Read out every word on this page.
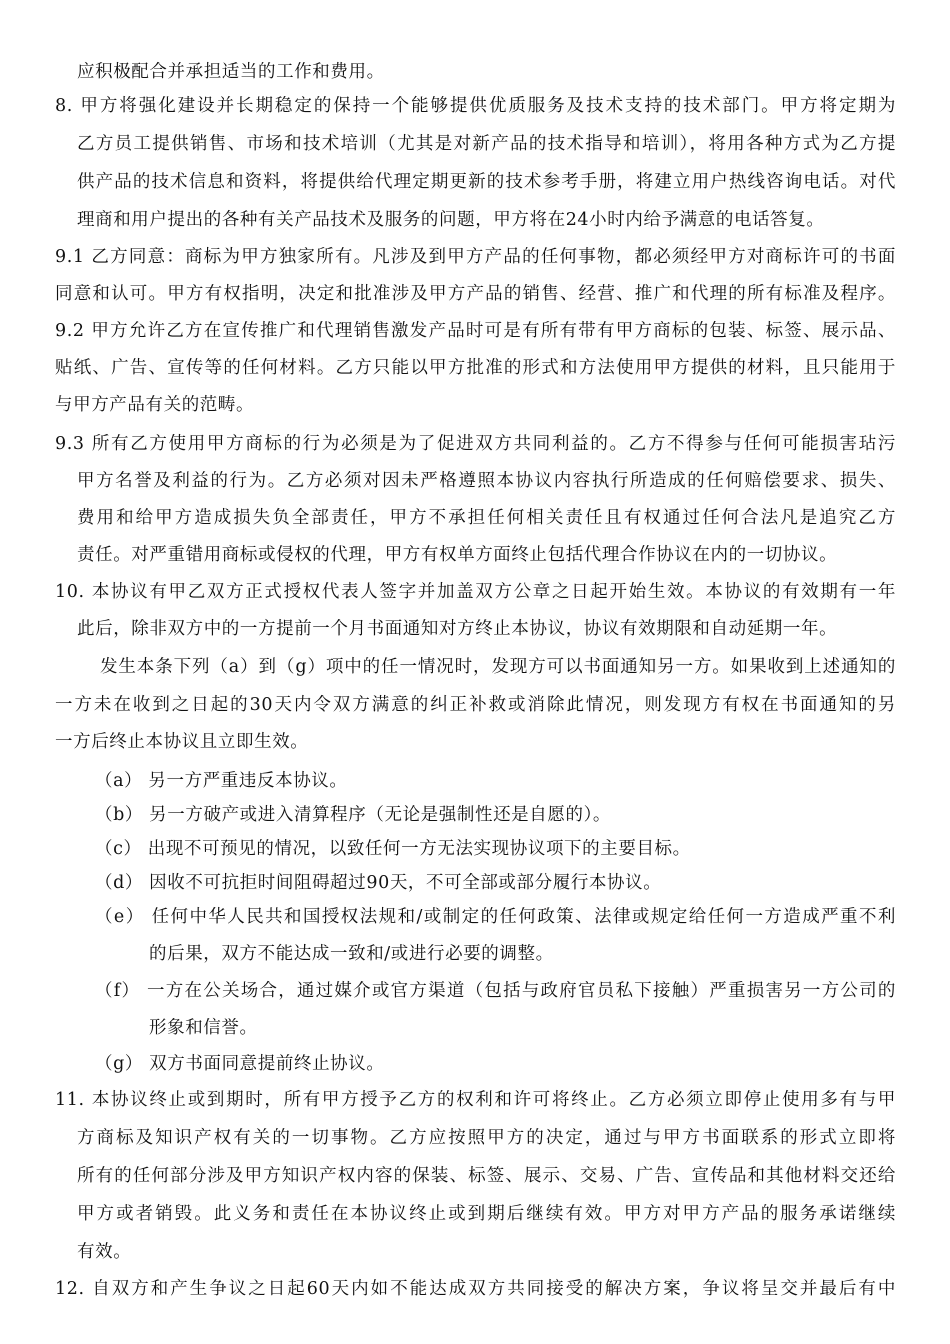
应积极配合并承担适当的工作和费用。
8. 甲方将强化建设并长期稳定的保持一个能够提供优质服务及技术支持的技术部门。甲方将定期为
乙方员工提供销售、市场和技术培训（尤其是对新产品的技术指导和培训），将用各种方式为乙方提
供产品的技术信息和资料，将提供给代理定期更新的技术参考手册，将建立用户热线咨询电话。对代
理商和用户提出的各种有关产品技术及服务的问题，甲方将在24小时内给予满意的电话答复。
9.1 乙方同意：商标为甲方独家所有。凡涉及到甲方产品的任何事物，都必须经甲方对商标许可的书面
同意和认可。甲方有权指明，决定和批准涉及甲方产品的销售、经营、推广和代理的所有标准及程序。
9.2 甲方允许乙方在宣传推广和代理销售激发产品时可是有所有带有甲方商标的包装、标签、展示品、
贴纸、广告、宣传等的任何材料。乙方只能以甲方批准的形式和方法使用甲方提供的材料，且只能用于
与甲方产品有关的范畴。
9.3 所有乙方使用甲方商标的行为必须是为了促进双方共同利益的。乙方不得参与任何可能损害玷污
甲方名誉及利益的行为。乙方必须对因未严格遵照本协议内容执行所造成的任何赔偿要求、损失、
费用和给甲方造成损失负全部责任，甲方不承担任何相关责任且有权通过任何合法凡是追究乙方
责任。对严重错用商标或侵权的代理，甲方有权单方面终止包括代理合作协议在内的一切协议。
10. 本协议有甲乙双方正式授权代表人签字并加盖双方公章之日起开始生效。本协议的有效期有一年
此后，除非双方中的一方提前一个月书面通知对方终止本协议，协议有效期限和自动延期一年。
发生本条下列（a）到（g）项中的任一情况时，发现方可以书面通知另一方。如果收到上述通知的
一方未在收到之日起的30天内令双方满意的纠正补救或消除此情况，则发现方有权在书面通知的另
一方后终止本协议且立即生效。
（a） 另一方严重违反本协议。
（b） 另一方破产或进入清算程序（无论是强制性还是自愿的）。
（c） 出现不可预见的情况，以致任何一方无法实现协议项下的主要目标。
（d） 因收不可抗拒时间阻碍超过90天，不可全部或部分履行本协议。
（e） 任何中华人民共和国授权法规和/或制定的任何政策、法律或规定给任何一方造成严重不利
的后果，双方不能达成一致和/或进行必要的调整。
（f） 一方在公关场合，通过媒介或官方渠道（包括与政府官员私下接触）严重损害另一方公司的
形象和信誉。
（g） 双方书面同意提前终止协议。
11. 本协议终止或到期时，所有甲方授予乙方的权利和许可将终止。乙方必须立即停止使用多有与甲
方商标及知识产权有关的一切事物。乙方应按照甲方的决定，通过与甲方书面联系的形式立即将
所有的任何部分涉及甲方知识产权内容的保装、标签、展示、交易、广告、宣传品和其他材料交还给
甲方或者销毁。此义务和责任在本协议终止或到期后继续有效。甲方对甲方产品的服务承诺继续
有效。
12. 自双方和产生争议之日起60天内如不能达成双方共同接受的解决方案，争议将呈交并最后有中
